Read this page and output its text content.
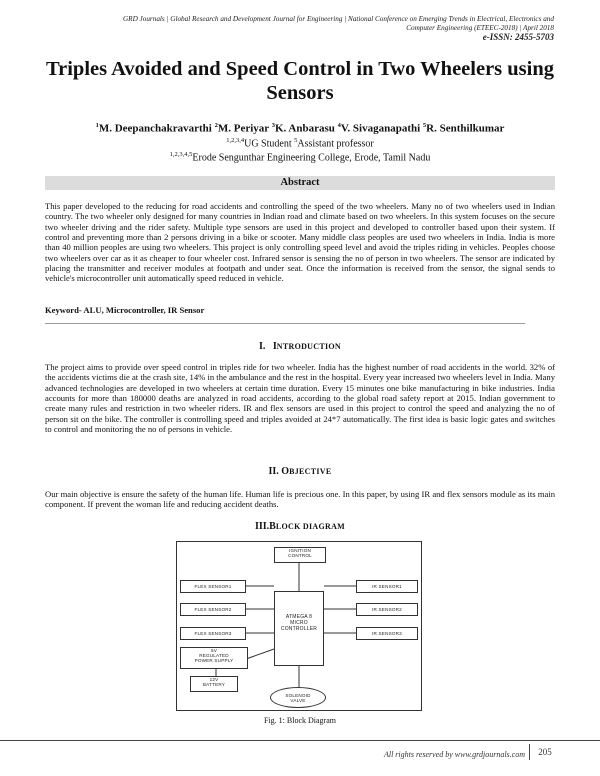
GRD Journals | Global Research and Development Journal for Engineering | National Conference on Emerging Trends in Electrical, Electronics and
Computer Engineering (ETEEC-2018) | April 2018
e-ISSN: 2455-5703
Triples Avoided and Speed Control in Two Wheelers using Sensors
$^1$M. Deepanchakravarthi $^2$M. Periyar $^3$K. Anbarasu $^4$V. Sivaganapathi $^5$R. Senthilkumar
$^{1,2,3,4}$UG Student $^5$Assistant professor
$^{1,2,3,4,5}$Erode Sengunthar Engineering College, Erode, Tamil Nadu
Abstract
This paper developed to the reducing for road accidents and controlling the speed of the two wheelers. Many no of two wheelers used in Indian country. The two wheeler only designed for many countries in Indian road and climate based on two wheelers. In this system focuses on the secure two wheeler driving and the rider safety. Multiple type sensors are used in this project and developed to controller based upon their system. If control and preventing more than 2 persons driving in a bike or scooter. Many middle class peoples are used two wheelers in India. India is more than 40 million peoples are using two wheelers. This project is only controlling speed level and avoid the triples riding in vehicles. Peoples choose two wheelers over car as it as cheaper to four wheeler cost. Infrared sensor is sensing the no of person in two wheelers. The sensor are indicated by placing the transmitter and receiver modules at footpath and under seat. Once the information is received from the sensor, the signal sends to vehicle's microcontroller unit automatically speed reduced in vehicle.
Keyword- ALU, Microcontroller, IR Sensor
I. INTRODUCTION
The project aims to provide over speed control in triples ride for two wheeler. India has the highest number of road accidents in the world. 32% of the accidents victims die at the crash site, 14% in the ambulance and the rest in the hospital. Every year increased two wheelers level in India. Many advanced technologies are developed in two wheelers at certain time duration. Every 15 minutes one bike manufacturing in bike industries. India accounts for more than 180000 deaths are analyzed in road accidents, according to the global road safety report at 2015. Indian government to create many rules and restriction in two wheeler riders. IR and flex sensors are used in this project to control the speed and analyzing the no of person sit on the bike. The controller is controlling speed and triples avoided at 24*7 automatically. The first idea is basic logic gates and switches to control and monitoring the no of persons in vehicle.
II. OBJECTIVE
Our main objective is ensure the safety of the human life. Human life is precious one. In this paper, by using IR and flex sensors module as its main component. If prevent the woman life and reducing accident deaths.
III.BLOCK DIAGRAM
IGNITION
CONTROL
FLEX SENSOR1
FLEX SENSOR2
FLEX SENSOR3
ATMEGA 8
MICRO
CONTROLLER
IR SENSOR1
IR SENSOR2
IR SENSOR3
5V
REGULATED
POWER SUPPLY
12V
BATTERY
SOLENOID
VALVE
Fig. 1: Block Diagram
All rights reserved by www.grdjournals.com	205
